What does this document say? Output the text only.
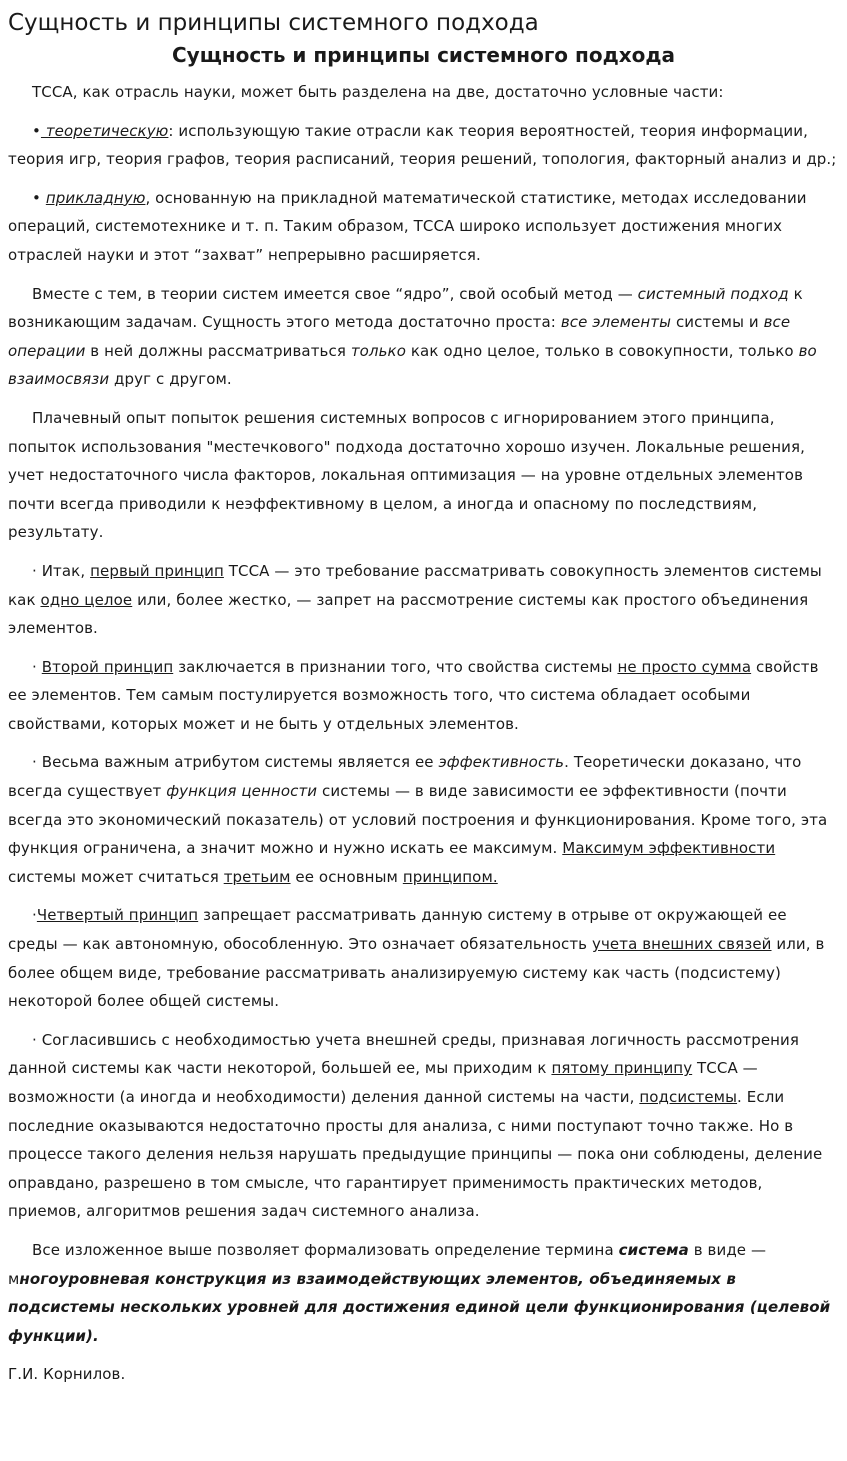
Сущность и принципы системного подхода
Сущность и принципы системного подхода

ТССА, как отрасль науки, может быть разделена на две, достаточно условные части:

• теоретическую: использующую такие отрасли как теория вероятностей, теория информации, теория игр, теория графов, теория расписаний, теория решений, топология, факторный анализ и др.;

• прикладную, основанную на прикладной математической статистике, методах исследовании операций, системотехнике и т. п. Таким образом, ТССА широко использует достижения многих отраслей науки и этот “захват” непрерывно расширяется.

Вместе с тем, в теории систем имеется свое “ядро”, свой особый метод — системный подход к возникающим задачам. Сущность этого метода достаточно проста: все элементы системы и все операции в ней должны рассматриваться только как одно целое, только в совокупности, только во взаимосвязи друг с другом.

Плачевный опыт попыток решения системных вопросов с игнорированием этого принципа, попыток использования "местечкового" подхода достаточно хорошо изучен. Локальные решения, учет недостаточного числа факторов, локальная оптимизация — на уровне отдельных элементов почти всегда приводили к неэффективному в целом, а иногда и опасному по последствиям, результату.

· Итак, первый принцип ТССА — это требование рассматривать совокупность элементов системы как одно целое или, более жестко, — запрет на рассмотрение системы как простого объединения элементов.

· Второй принцип заключается в признании того, что свойства системы не просто сумма свойств ее элементов. Тем самым постулируется возможность того, что система обладает особыми свойствами, которых может и не быть у отдельных элементов.

· Весьма важным атрибутом системы является ее эффективность. Теоретически доказано, что всегда существует функция ценности системы — в виде зависимости ее эффективности (почти всегда это экономический показатель) от условий построения и функционирования. Кроме того, эта функция ограничена, а значит можно и нужно искать ее максимум. Максимум эффективности системы может считаться третьим ее основным принципом.

·Четвертый принцип запрещает рассматривать данную систему в отрыве от окружающей ее среды — как автономную, обособленную. Это означает обязательность учета внешних связей или, в более общем виде, требование рассматривать анализируемую систему как часть (подсистему) некоторой более общей системы.

· Согласившись с необходимостью учета внешней среды, признавая логичность рассмотрения данной системы как части некоторой, большей ее, мы приходим к пятому принципу ТССА — возможности (а иногда и необходимости) деления данной системы на части, подсистемы. Если последние оказываются недостаточно просты для анализа, с ними поступают точно также. Но в процессе такого деления нельзя нарушать предыдущие принципы — пока они соблюдены, деление оправдано, разрешено в том смысле, что гарантирует применимость практических методов, приемов, алгоритмов решения задач системного анализа.

Все изложенное выше позволяет формализовать определение термина система в виде — многоуровневая конструкция из взаимодействующих элементов, объединяемых в подсистемы нескольких уровней для достижения единой цели функционирования (целевой функции).

Г.И. Корнилов.
